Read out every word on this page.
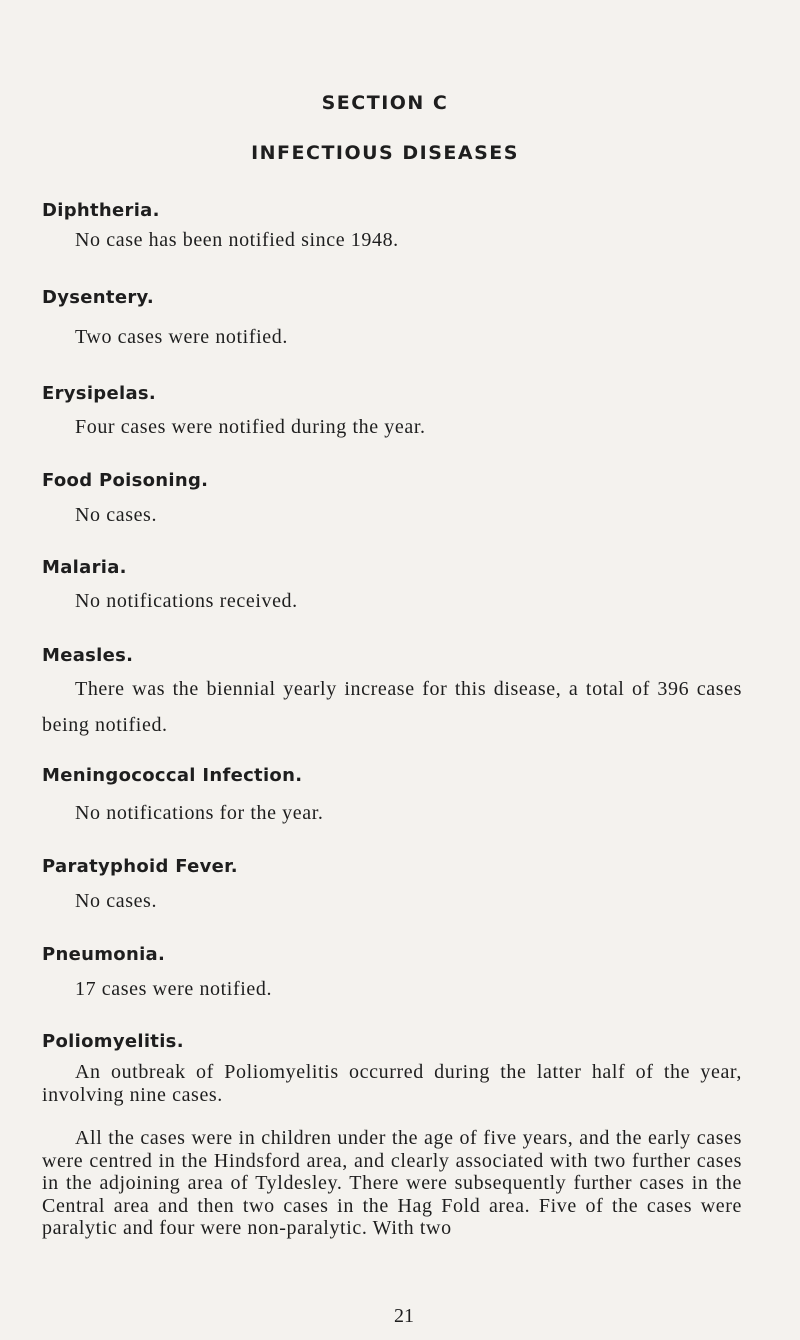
SECTION C
INFECTIOUS DISEASES
Diphtheria.

No case has been notified since 1948.

Dysentery.

Two cases were notified.

Erysipelas.

Four cases were notified during the year.

Food Poisoning.

No cases.

Malaria.

No notifications received.

Measles.

There was the biennial yearly increase for this disease, a total of 396 cases being notified.

Meningococcal Infection.

No notifications for the year.

Paratyphoid Fever.

No cases.

Pneumonia.

17 cases were notified.

Poliomyelitis.

An outbreak of Poliomyelitis occurred during the latter half of the year, involving nine cases.

All the cases were in children under the age of five years, and the early cases were centred in the Hindsford area, and clearly associated with two further cases in the adjoining area of Tyldesley. There were subsequently further cases in the Central area and then two cases in the Hag Fold area. Five of the cases were paralytic and four were non-paralytic. With two

21
